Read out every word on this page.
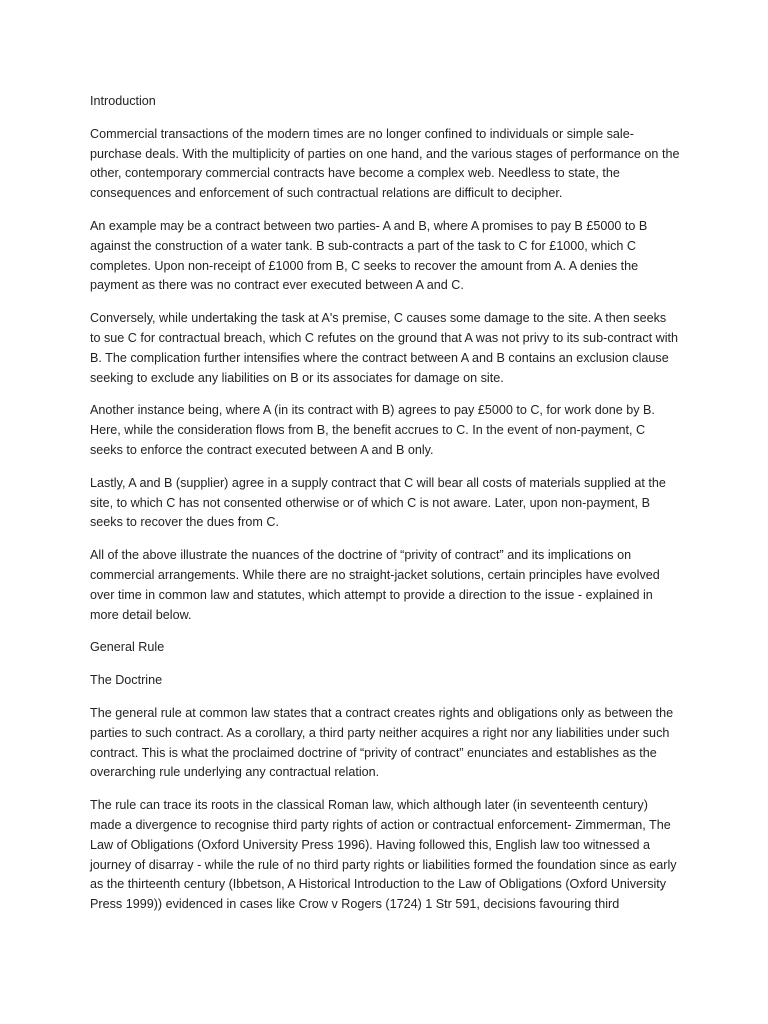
Introduction

Commercial transactions of the modern times are no longer confined to individuals or simple sale-purchase deals. With the multiplicity of parties on one hand, and the various stages of performance on the other, contemporary commercial contracts have become a complex web. Needless to state, the consequences and enforcement of such contractual relations are difficult to decipher.

An example may be a contract between two parties- A and B, where A promises to pay B £5000 to B against the construction of a water tank. B sub-contracts a part of the task to C for £1000, which C completes. Upon non-receipt of £1000 from B, C seeks to recover the amount from A. A denies the payment as there was no contract ever executed between A and C.

Conversely, while undertaking the task at A's premise, C causes some damage to the site. A then seeks to sue C for contractual breach, which C refutes on the ground that A was not privy to its sub-contract with B. The complication further intensifies where the contract between A and B contains an exclusion clause seeking to exclude any liabilities on B or its associates for damage on site.

Another instance being, where A (in its contract with B) agrees to pay £5000 to C, for work done by B. Here, while the consideration flows from B, the benefit accrues to C. In the event of non-payment, C seeks to enforce the contract executed between A and B only.

Lastly, A and B (supplier) agree in a supply contract that C will bear all costs of materials supplied at the site, to which C has not consented otherwise or of which C is not aware. Later, upon non-payment, B seeks to recover the dues from C.

All of the above illustrate the nuances of the doctrine of “privity of contract” and its implications on commercial arrangements. While there are no straight-jacket solutions, certain principles have evolved over time in common law and statutes, which attempt to provide a direction to the issue - explained in more detail below.

General Rule
The Doctrine

The general rule at common law states that a contract creates rights and obligations only as between the parties to such contract. As a corollary, a third party neither acquires a right nor any liabilities under such contract. This is what the proclaimed doctrine of “privity of contract” enunciates and establishes as the overarching rule underlying any contractual relation.

The rule can trace its roots in the classical Roman law, which although later (in seventeenth century) made a divergence to recognise third party rights of action or contractual enforcement- Zimmerman, The Law of Obligations (Oxford University Press 1996). Having followed this, English law too witnessed a journey of disarray - while the rule of no third party rights or liabilities formed the foundation since as early as the thirteenth century (Ibbetson, A Historical Introduction to the Law of Obligations (Oxford University Press 1999)) evidenced in cases like Crow v Rogers (1724) 1 Str 591, decisions favouring third
